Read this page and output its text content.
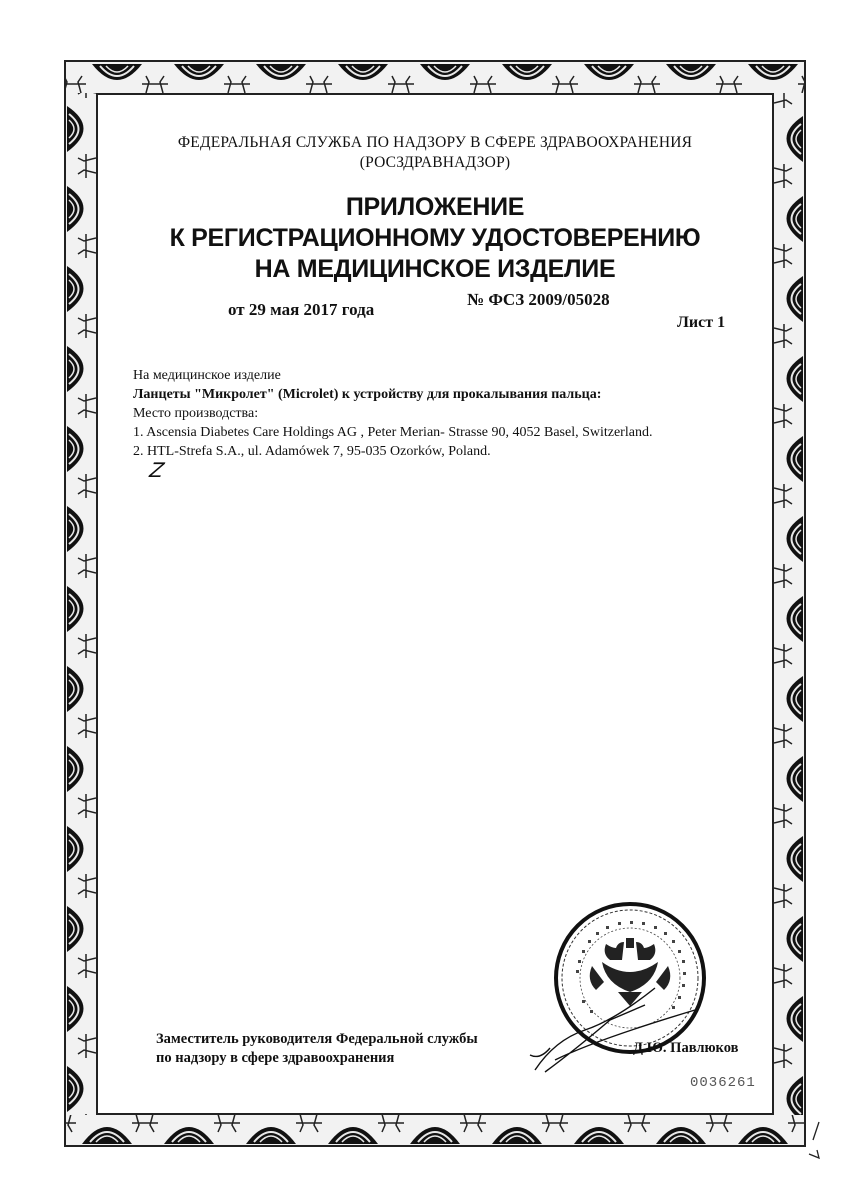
ФЕДЕРАЛЬНАЯ СЛУЖБА ПО НАДЗОРУ В СФЕРЕ ЗДРАВООХРАНЕНИЯ
(РОСЗДРАВНАДЗОР)
ПРИЛОЖЕНИЕ
К РЕГИСТРАЦИОННОМУ УДОСТОВЕРЕНИЮ
НА МЕДИЦИНСКОЕ ИЗДЕЛИЕ
от 29 мая 2017 года
№ ФСЗ 2009/05028
Лист 1
На медицинское изделие
Ланцеты "Микролет" (Microlet) к устройству для прокалывания пальца:
Место производства:
1. Ascensia Diabetes Care Holdings AG , Peter Merian- Strasse 90, 4052 Basel, Switzerland.
2. HTL-Strefa S.A., ul. Adamówek 7, 95-035 Ozorków, Poland.
Z
Заместитель руководителя Федеральной службы
по надзору в сфере здравоохранения
Д.Ю. Павлюков
0036261
